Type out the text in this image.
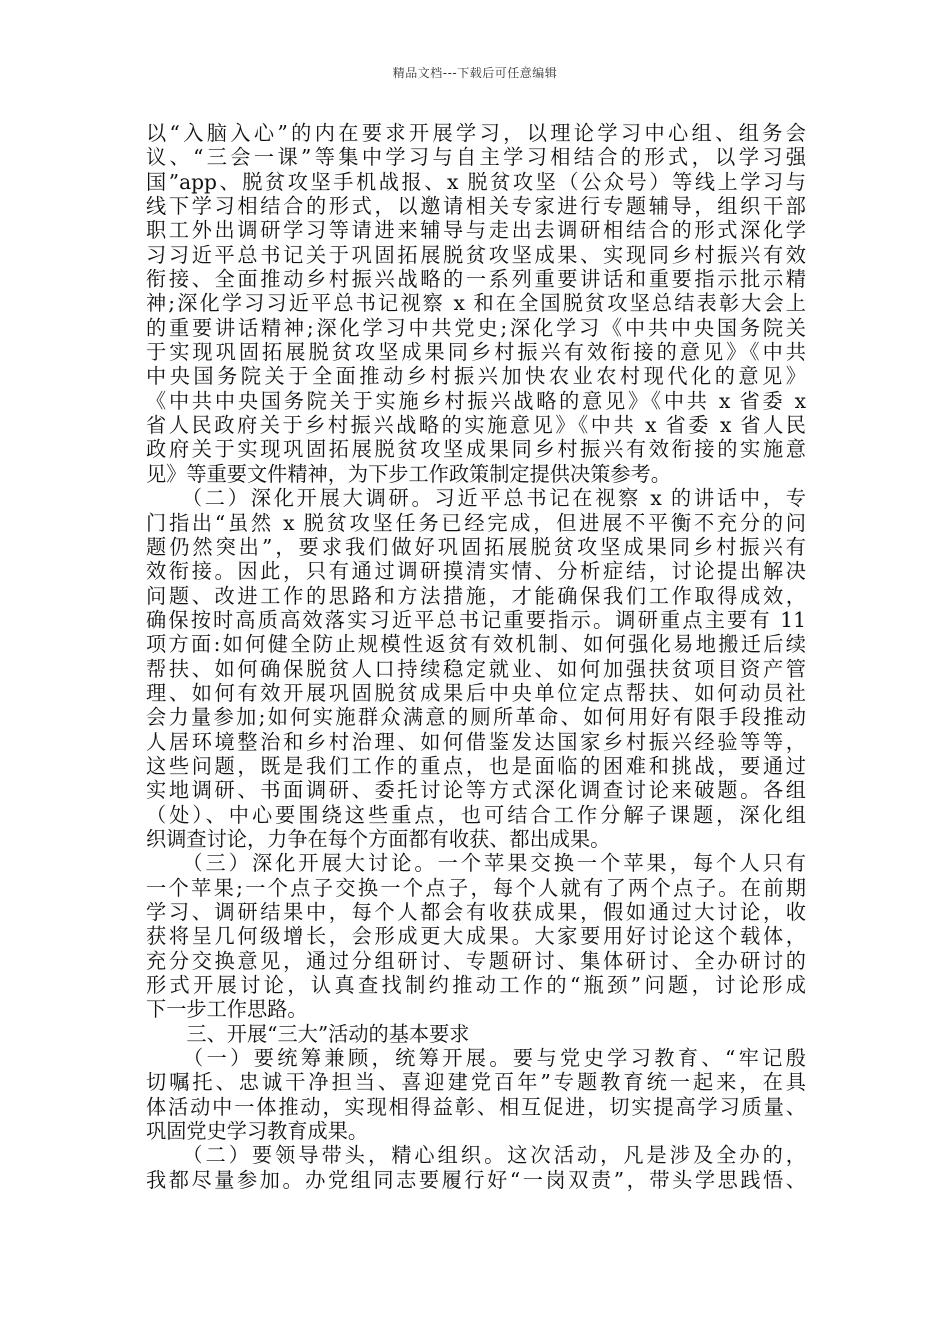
精品文档---下载后可任意编辑
以“入脑入心”的内在要求开展学习，以理论学习中心组、组务会
议、“三会一课”等集中学习与自主学习相结合的形式，以学习强
国”app、脱贫攻坚手机战报、x 脱贫攻坚（公众号）等线上学习与
线下学习相结合的形式，以邀请相关专家进行专题辅导，组织干部
职工外出调研学习等请进来辅导与走出去调研相结合的形式深化学
习习近平总书记关于巩固拓展脱贫攻坚成果、实现同乡村振兴有效
衔接、全面推动乡村振兴战略的一系列重要讲话和重要指示批示精
神;深化学习习近平总书记视察 x 和在全国脱贫攻坚总结表彰大会上
的重要讲话精神;深化学习中共党史;深化学习《中共中央国务院关
于实现巩固拓展脱贫攻坚成果同乡村振兴有效衔接的意见》《中共
中央国务院关于全面推动乡村振兴加快农业农村现代化的意见》
《中共中央国务院关于实施乡村振兴战略的意见》《中共 x 省委 x
省人民政府关于乡村振兴战略的实施意见》《中共 x 省委 x 省人民
政府关于实现巩固拓展脱贫攻坚成果同乡村振兴有效衔接的实施意
见》等重要文件精神，为下步工作政策制定提供决策参考。
　　（二）深化开展大调研。习近平总书记在视察 x 的讲话中，专
门指出“虽然 x 脱贫攻坚任务已经完成，但进展不平衡不充分的问
题仍然突出”，要求我们做好巩固拓展脱贫攻坚成果同乡村振兴有
效衔接。因此，只有通过调研摸清实情、分析症结，讨论提出解决
问题、改进工作的思路和方法措施，才能确保我们工作取得成效，
确保按时高质高效落实习近平总书记重要指示。调研重点主要有 11
项方面:如何健全防止规模性返贫有效机制、如何强化易地搬迁后续
帮扶、如何确保脱贫人口持续稳定就业、如何加强扶贫项目资产管
理、如何有效开展巩固脱贫成果后中央单位定点帮扶、如何动员社
会力量参加;如何实施群众满意的厕所革命、如何用好有限手段推动
人居环境整治和乡村治理、如何借鉴发达国家乡村振兴经验等等，
这些问题，既是我们工作的重点，也是面临的困难和挑战，要通过
实地调研、书面调研、委托讨论等方式深化调查讨论来破题。各组
（处）、中心要围绕这些重点，也可结合工作分解子课题，深化组
织调查讨论，力争在每个方面都有收获、都出成果。
　　（三）深化开展大讨论。一个苹果交换一个苹果，每个人只有
一个苹果;一个点子交换一个点子，每个人就有了两个点子。在前期
学习、调研结果中，每个人都会有收获成果，假如通过大讨论，收
获将呈几何级增长，会形成更大成果。大家要用好讨论这个载体，
充分交换意见，通过分组研讨、专题研讨、集体研讨、全办研讨的
形式开展讨论，认真查找制约推动工作的“瓶颈”问题，讨论形成
下一步工作思路。
　　三、开展“三大”活动的基本要求
　　（一）要统筹兼顾，统筹开展。要与党史学习教育、“牢记殷
切嘱托、忠诚干净担当、喜迎建党百年”专题教育统一起来，在具
体活动中一体推动，实现相得益彰、相互促进，切实提高学习质量、
巩固党史学习教育成果。
　　（二）要领导带头，精心组织。这次活动，凡是涉及全办的，
我都尽量参加。办党组同志要履行好“一岗双责”，带头学思践悟、
